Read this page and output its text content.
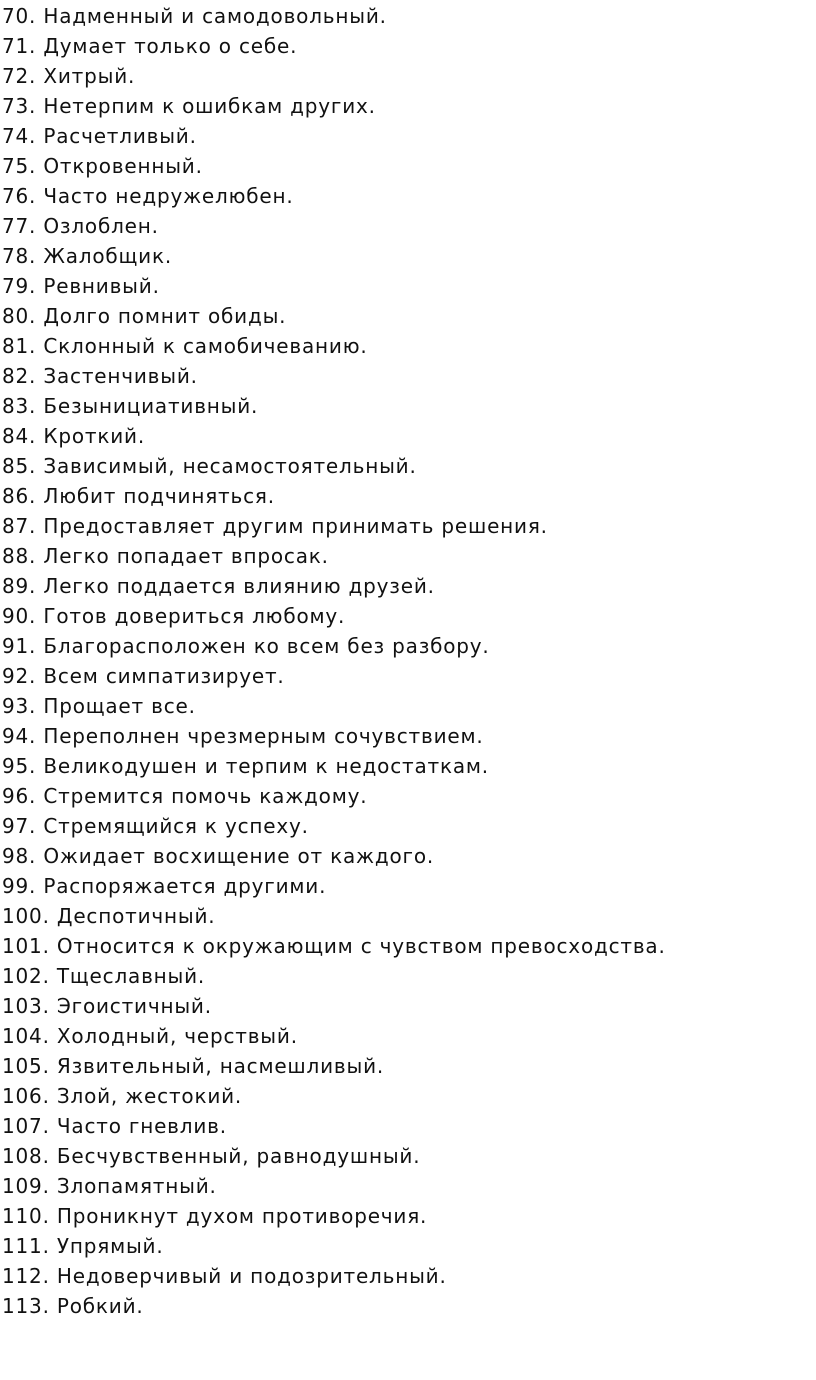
70. Надменный и самодовольный.
71. Думает только о себе.
72. Хитрый.
73. Нетерпим к ошибкам других.
74. Расчетливый.
75. Откровенный.
76. Часто недружелюбен.
77. Озлоблен.
78. Жалобщик.
79. Ревнивый.
80. Долго помнит обиды.
81. Склонный к самобичеванию.
82. Застенчивый.
83. Безынициативный.
84. Кроткий.
85. Зависимый, несамостоятельный.
86. Любит подчиняться.
87. Предоставляет другим принимать решения.
88. Легко попадает впросак.
89. Легко поддается влиянию друзей.
90. Готов довериться любому.
91. Благорасположен ко всем без разбору.
92. Всем симпатизирует.
93. Прощает все.
94. Переполнен чрезмерным сочувствием.
95. Великодушен и терпим к недостаткам.
96. Стремится помочь каждому.
97. Стремящийся к успеху.
98. Ожидает восхищение от каждого.
99. Распоряжается другими.
100. Деспотичный.
101. Относится к окружающим с чувством превосходства.
102. Тщеславный.
103. Эгоистичный.
104. Холодный, черствый.
105. Язвительный, насмешливый.
106. Злой, жестокий.
107. Часто гневлив.
108. Бесчувственный, равнодушный.
109. Злопамятный.
110. Проникнут духом противоречия.
111. Упрямый.
112. Недоверчивый и подозрительный.
113. Робкий.
